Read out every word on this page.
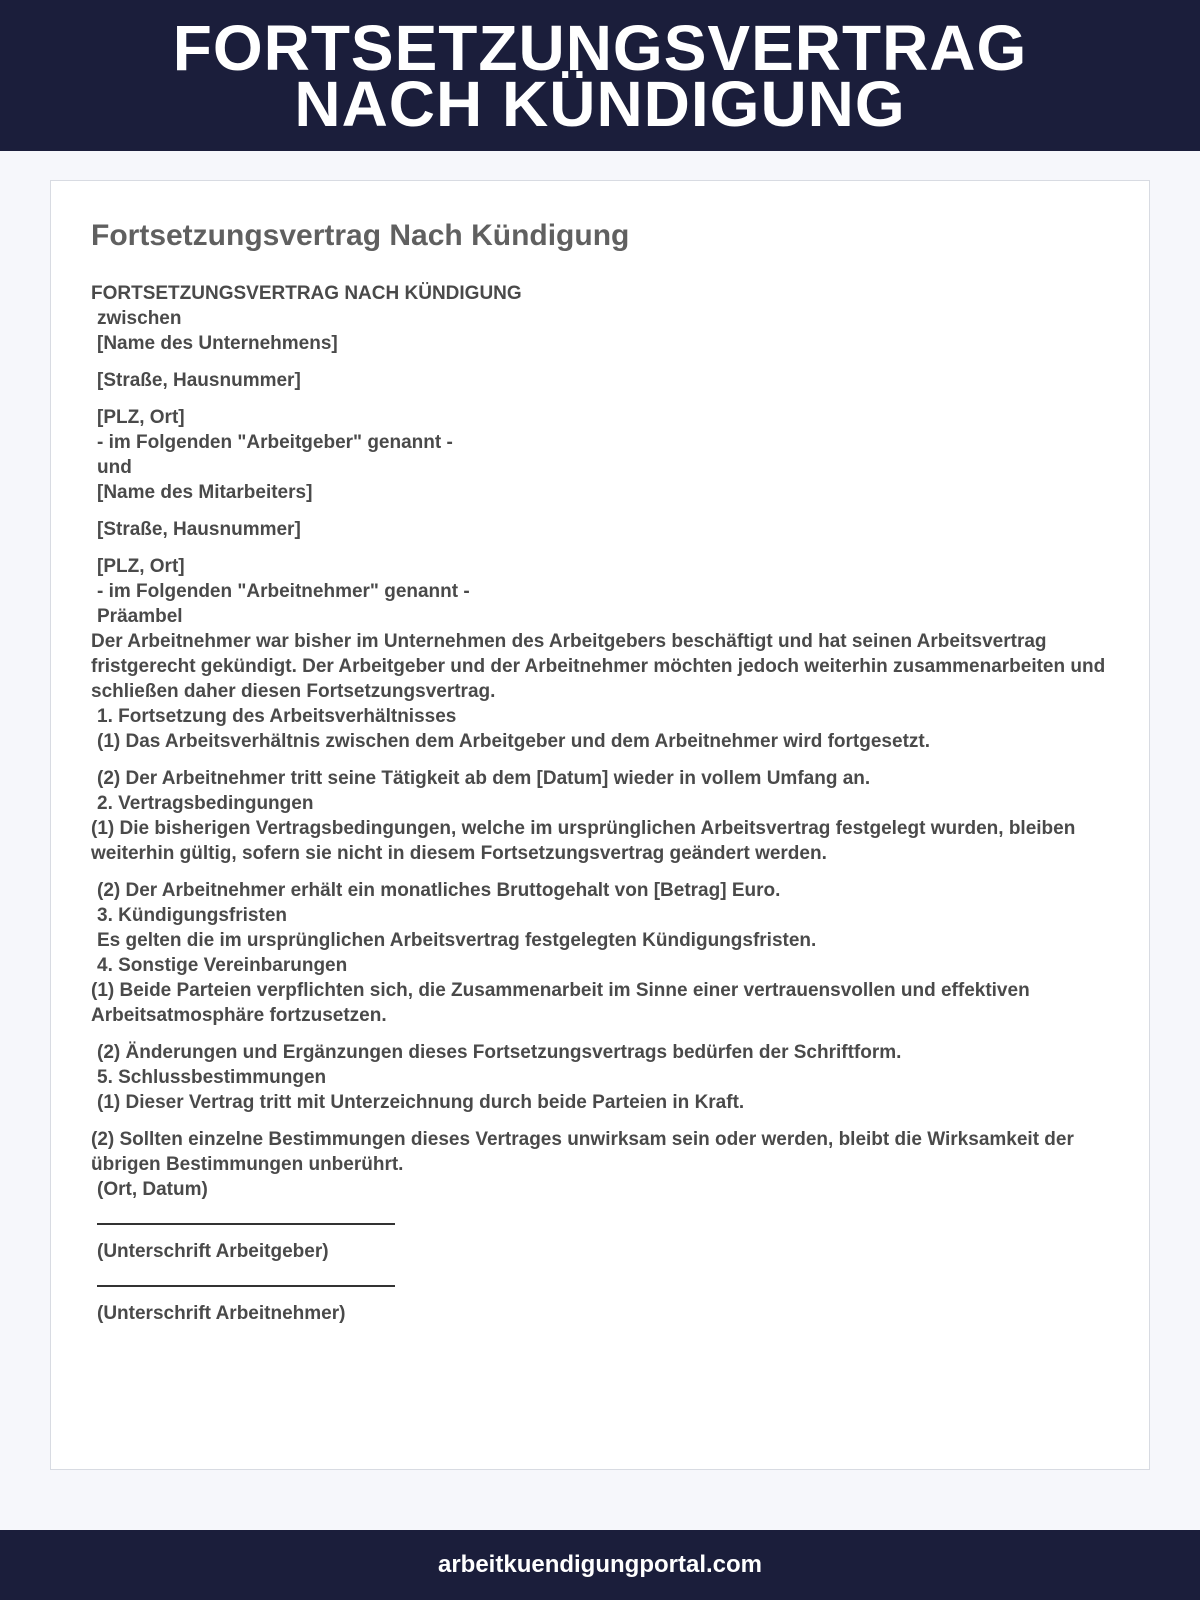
FORTSETZUNGSVERTRAG
NACH KÜNDIGUNG
Fortsetzungsvertrag Nach Kündigung
FORTSETZUNGSVERTRAG NACH KÜNDIGUNG
zwischen
[Name des Unternehmens]
[Straße, Hausnummer]
[PLZ, Ort]
- im Folgenden "Arbeitgeber" genannt -
und
[Name des Mitarbeiters]
[Straße, Hausnummer]
[PLZ, Ort]
- im Folgenden "Arbeitnehmer" genannt -
Präambel
Der Arbeitnehmer war bisher im Unternehmen des Arbeitgebers beschäftigt und hat seinen Arbeitsvertrag fristgerecht gekündigt. Der Arbeitgeber und der Arbeitnehmer möchten jedoch weiterhin zusammenarbeiten und schließen daher diesen Fortsetzungsvertrag.
1. Fortsetzung des Arbeitsverhältnisses
(1) Das Arbeitsverhältnis zwischen dem Arbeitgeber und dem Arbeitnehmer wird fortgesetzt.
(2) Der Arbeitnehmer tritt seine Tätigkeit ab dem [Datum] wieder in vollem Umfang an.
2. Vertragsbedingungen
(1) Die bisherigen Vertragsbedingungen, welche im ursprünglichen Arbeitsvertrag festgelegt wurden, bleiben weiterhin gültig, sofern sie nicht in diesem Fortsetzungsvertrag geändert werden.
(2) Der Arbeitnehmer erhält ein monatliches Bruttogehalt von [Betrag] Euro.
3. Kündigungsfristen
Es gelten die im ursprünglichen Arbeitsvertrag festgelegten Kündigungsfristen.
4. Sonstige Vereinbarungen
(1) Beide Parteien verpflichten sich, die Zusammenarbeit im Sinne einer vertrauensvollen und effektiven Arbeitsatmosphäre fortzusetzen.
(2) Änderungen und Ergänzungen dieses Fortsetzungsvertrags bedürfen der Schriftform.
5. Schlussbestimmungen
(1) Dieser Vertrag tritt mit Unterzeichnung durch beide Parteien in Kraft.
(2) Sollten einzelne Bestimmungen dieses Vertrages unwirksam sein oder werden, bleibt die Wirksamkeit der übrigen Bestimmungen unberührt.
(Ort, Datum)
(Unterschrift Arbeitgeber)
(Unterschrift Arbeitnehmer)
arbeitkuendigungportal.com
